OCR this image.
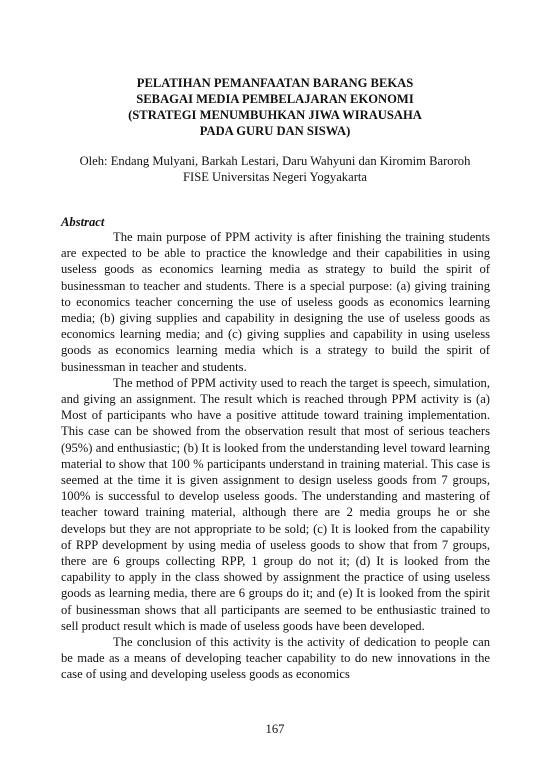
PELATIHAN PEMANFAATAN BARANG BEKAS
SEBAGAI MEDIA PEMBELAJARAN EKONOMI
(STRATEGI MENUMBUHKAN JIWA WIRAUSAHA
PADA GURU DAN SISWA)
Oleh: Endang Mulyani, Barkah Lestari, Daru Wahyuni dan Kiromim Baroroh
FISE Universitas Negeri Yogyakarta
Abstract

The main purpose of PPM activity is after finishing the training students are expected to be able to practice the knowledge and their capabilities in using useless goods as economics learning media as strategy to build the spirit of businessman to teacher and students. There is a special purpose: (a) giving training to economics teacher concerning the use of useless goods as economics learning media; (b) giving supplies and capability in designing the use of useless goods as economics learning media; and (c) giving supplies and capability in using useless goods as economics learning media which is a strategy to build the spirit of businessman in teacher and students.

The method of PPM activity used to reach the target is speech, simulation, and giving an assignment. The result which is reached through PPM activity is (a) Most of participants who have a positive attitude toward training implementation. This case can be showed from the observation result that most of serious teachers (95%) and enthusiastic; (b) It is looked from the understanding level toward learning material to show that 100 % participants understand in training material. This case is seemed at the time it is given assignment to design useless goods from 7 groups, 100% is successful to develop useless goods. The understanding and mastering of teacher toward training material, although there are 2 media groups he or she develops but they are not appropriate to be sold; (c) It is looked from the capability of RPP development by using media of useless goods to show that from 7 groups, there are 6 groups collecting RPP, 1 group do not it; (d) It is looked from the capability to apply in the class showed by assignment the practice of using useless goods as learning media, there are 6 groups do it; and (e) It is looked from the spirit of businessman shows that all participants are seemed to be enthusiastic trained to sell product result which is made of useless goods have been developed.

The conclusion of this activity is the activity of dedication to people can be made as a means of developing teacher capability to do new innovations in the case of using and developing useless goods as economics

167
